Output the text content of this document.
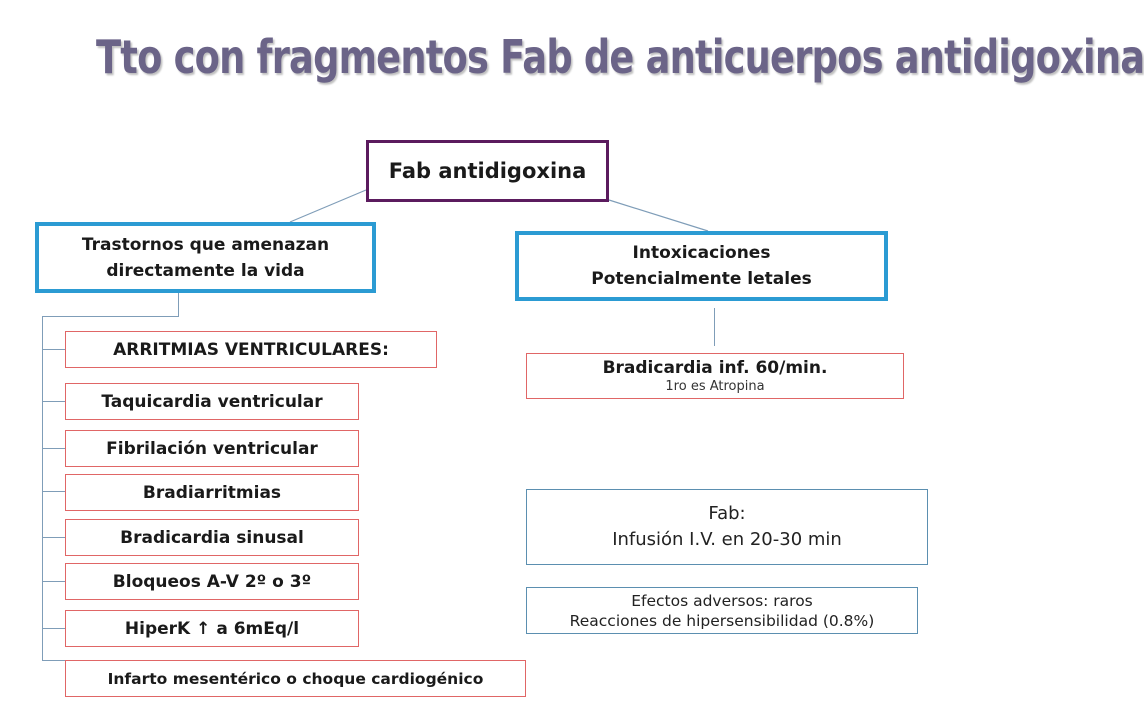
Tto con fragmentos Fab de anticuerpos antidigoxina
Fab antidigoxina
Trastornos que amenazan
directamente la vida
Intoxicaciones
Potencialmente letales
ARRITMIAS VENTRICULARES:
Taquicardia ventricular
Fibrilación ventricular
Bradiarritmias
Bradicardia sinusal
Bloqueos A-V 2º o 3º
HiperK ↑ a 6mEq/l
Infarto mesentérico o choque cardiogénico
Bradicardia inf. 60/min.
1ro es Atropina
Fab:
Infusión I.V. en 20-30 min
Efectos adversos: raros
Reacciones de hipersensibilidad (0.8%)
